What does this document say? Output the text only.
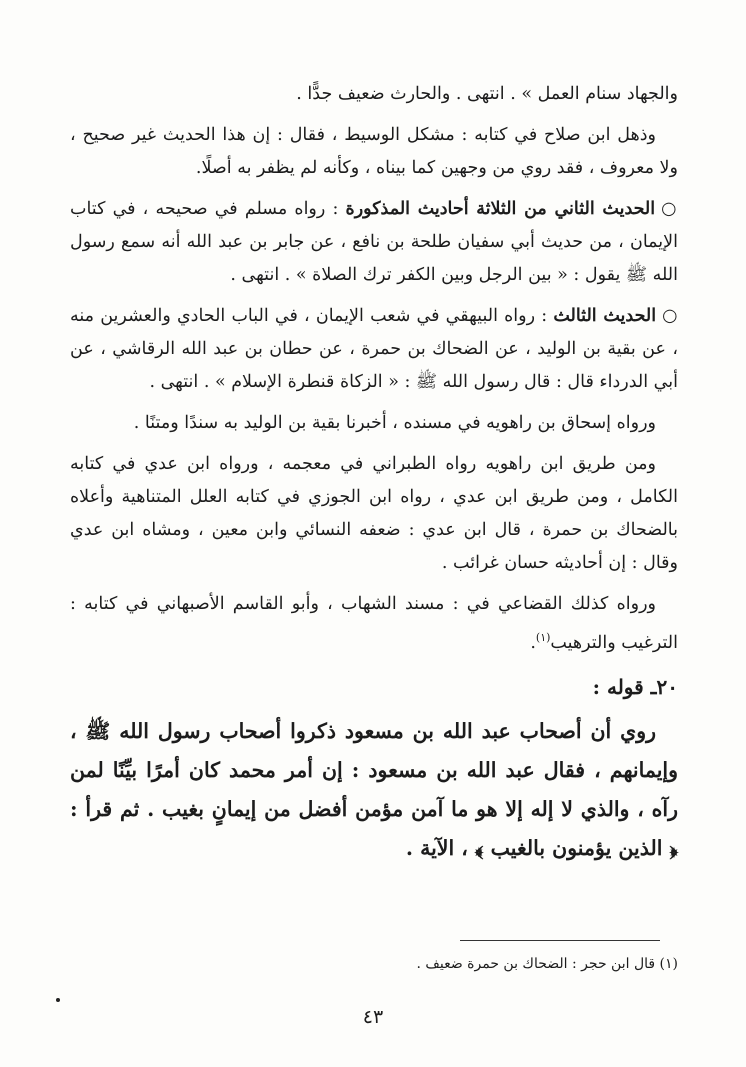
والجهاد سنام العمل » . انتهى . والحارث ضعيف جدًّا .

وذهل ابن صلاح في كتابه : مشكل الوسيط ، فقال : إن هذا الحديث غير صحيح ، ولا معروف ، فقد روي من وجهين كما بيناه ، وكأنه لم يظفر به أصلًا.

○الحديث الثاني من الثلاثة أحاديث المذكورة : رواه مسلم في صحيحه ، في كتاب الإيمان ، من حديث أبي سفيان طلحة بن نافع ، عن جابر بن عبد الله أنه سمع رسول الله ﷺ يقول : « بين الرجل وبين الكفر ترك الصلاة » . انتهى .

○الحديث الثالث : رواه البيهقي في شعب الإيمان ، في الباب الحادي والعشرين منه ، عن بقية بن الوليد ، عن الضحاك بن حمرة ، عن حطان بن عبد الله الرقاشي ، عن أبي الدرداء قال : قال رسول الله ﷺ : « الزكاة قنطرة الإسلام » . انتهى .

ورواه إسحاق بن راهويه في مسنده ، أخبرنا بقية بن الوليد به سندًا ومتنًا .

ومن طريق ابن راهويه رواه الطبراني في معجمه ، ورواه ابن عدي في كتابه الكامل ، ومن طريق ابن عدي ، رواه ابن الجوزي في كتابه العلل المتناهية وأعلاه بالضحاك بن حمرة ، قال ابن عدي : ضعفه النسائي وابن معين ، ومشاه ابن عدي وقال : إن أحاديثه حسان غرائب .

ورواه كذلك القضاعي في : مسند الشهاب ، وأبو القاسم الأصبهاني في كتابه : الترغيب والترهيب$^{(١)}$.

٢٠ـ قوله :

روي أن أصحاب عبد الله بن مسعود ذكروا أصحاب رسول الله ﷺ ، وإيمانهم ، فقال عبد الله بن مسعود : إن أمر محمد كان أمرًا بيِّنًا لمن رآه ، والذي لا إله إلا هو ما آمن مؤمن أفضل من إيمانٍ بغيب . ثم قرأ : ﴿ الذين يؤمنون بالغيب ﴾ ، الآية .

(١) قال ابن حجر : الضحاك بن حمرة ضعيف .
٤٣
